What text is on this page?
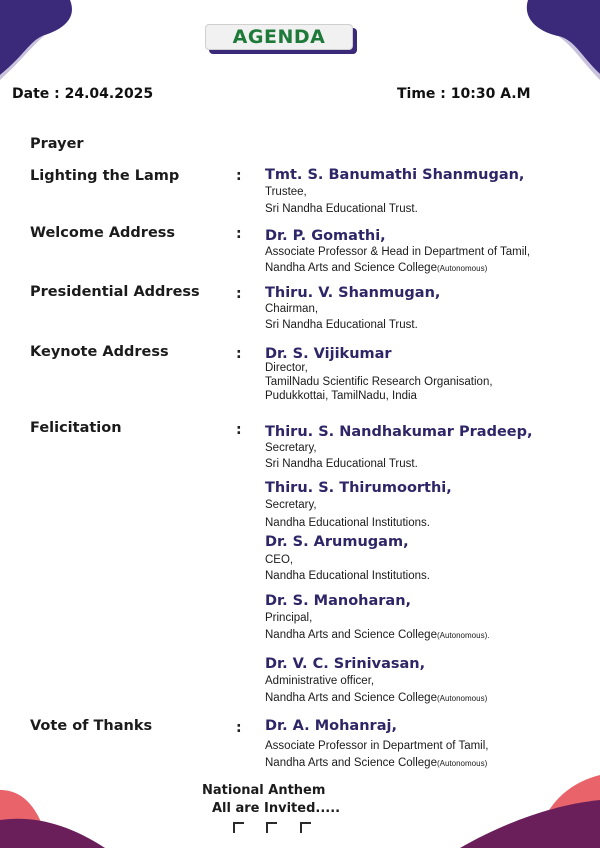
AGENDA
Date : 24.04.2025	Time : 10:30 A.M
Prayer
Lighting the Lamp	: Tmt. S. Banumathi Shanmugan,
Trustee,
Sri Nandha Educational Trust.
Welcome Address	: Dr. P. Gomathi,
Associate Professor & Head in Department of Tamil,
Nandha Arts and Science College(Autonomous)
Presidential Address	: Thiru. V. Shanmugan,
Chairman,
Sri Nandha Educational Trust.
Keynote Address	: Dr. S. Vijikumar
Director,
TamilNadu Scientific Research Organisation,
Pudukkottai, TamilNadu, India
Felicitation	: Thiru. S. Nandhakumar Pradeep,
Secretary,
Sri Nandha Educational Trust.
Thiru. S. Thirumoorthi,
Secretary,
Nandha Educational Institutions.
Dr. S. Arumugam,
CEO,
Nandha Educational Institutions.
Dr. S. Manoharan,
Principal,
Nandha Arts and Science College(Autonomous).
Dr. V. C. Srinivasan,
Administrative officer,
Nandha Arts and Science College(Autonomous)
Vote of Thanks	: Dr. A. Mohanraj,
Associate Professor in Department of Tamil,
Nandha Arts and Science College(Autonomous)
National Anthem
All are Invited.....
